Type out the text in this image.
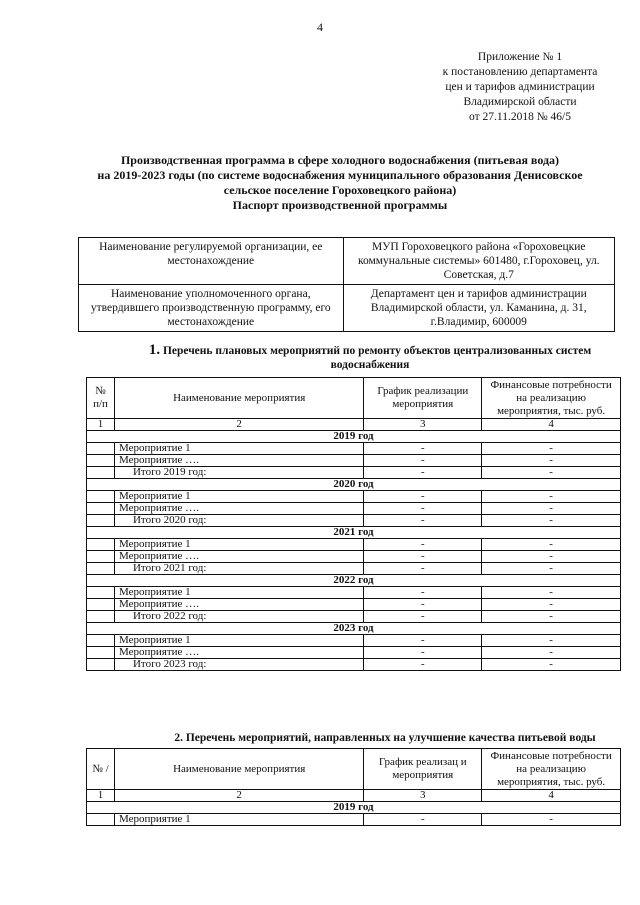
4
Приложение № 1
к постановлению департамента
цен и тарифов администрации
Владимирской области
от 27.11.2018 № 46/5
Производственная программа в сфере холодного водоснабжения (питьевая вода)
на 2019-2023 годы (по системе водоснабжения муниципального образования Денисовское
сельское поселение Гороховецкого района)
Паспорт производственной программы
Наименование регулируемой организации, ее местонахождение	МУП Гороховецкого района «Гороховецкие коммунальные системы» 601480, г.Гороховец, ул. Советская, д.7
Наименование уполномоченного органа, утвердившего производственную программу, его местонахождение	Департамент цен и тарифов администрации Владимирской области, ул. Каманина, д. 31, г.Владимир, 600009
1. Перечень плановых мероприятий по ремонту объектов централизованных систем водоснабжения
№ п/п	Наименование мероприятия	График реализации мероприятия	Финансовые потребности на реализацию мероприятия, тыс. руб.
1	2	3	4
2019 год			
	Мероприятие 1	-	-
	Мероприятие ….	-	-
	Итого 2019 год:	-	-
2020 год			
	Мероприятие 1	-	-
	Мероприятие ….	-	-
	Итого 2020 год:	-	-
2021 год			
	Мероприятие 1	-	-
	Мероприятие ….	-	-
	Итого 2021 год:	-	-
2022 год			
	Мероприятие 1	-	-
	Мероприятие ….	-	-
	Итого 2022 год:	-	-
2023 год			
	Мероприятие 1	-	-
	Мероприятие ….	-	-
	Итого 2023 год:	-	-
2. Перечень мероприятий, направленных на улучшение качества питьевой воды
№ /	Наименование мероприятия	График реализац и мероприятия	Финансовые потребности на реализацию мероприятия, тыс. руб.
1	2	3	4
2019 год			
	Мероприятие 1	-	-
